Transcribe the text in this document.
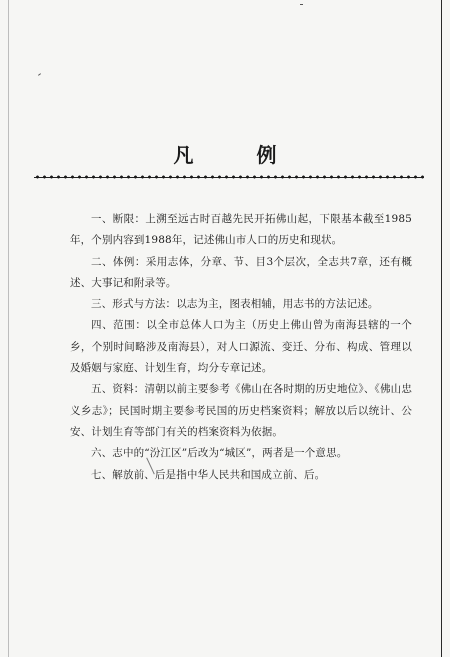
凡 例

一、断限：上溯至远古时百越先民开拓佛山起，下限基本截至1985年，个别内容到1988年，记述佛山市人口的历史和现状。

二、体例：采用志体，分章、节、目3个层次，全志共7章，还有概述、大事记和附录等。

三、形式与方法：以志为主，图表相辅，用志书的方法记述。

四、范围：以全市总体人口为主（历史上佛山曾为南海县辖的一个乡，个别时间略涉及南海县），对人口源流、变迁、分布、构成、管理以及婚姻与家庭、计划生育，均分专章记述。

五、资料：清朝以前主要参考《佛山在各时期的历史地位》、《佛山忠义乡志》；民国时期主要参考民国的历史档案资料；解放以后以统计、公安、计划生育等部门有关的档案资料为依据。

六、志中的“汾江区”后改为“城区”，两者是一个意思。

七、解放前、后是指中华人民共和国成立前、后。
